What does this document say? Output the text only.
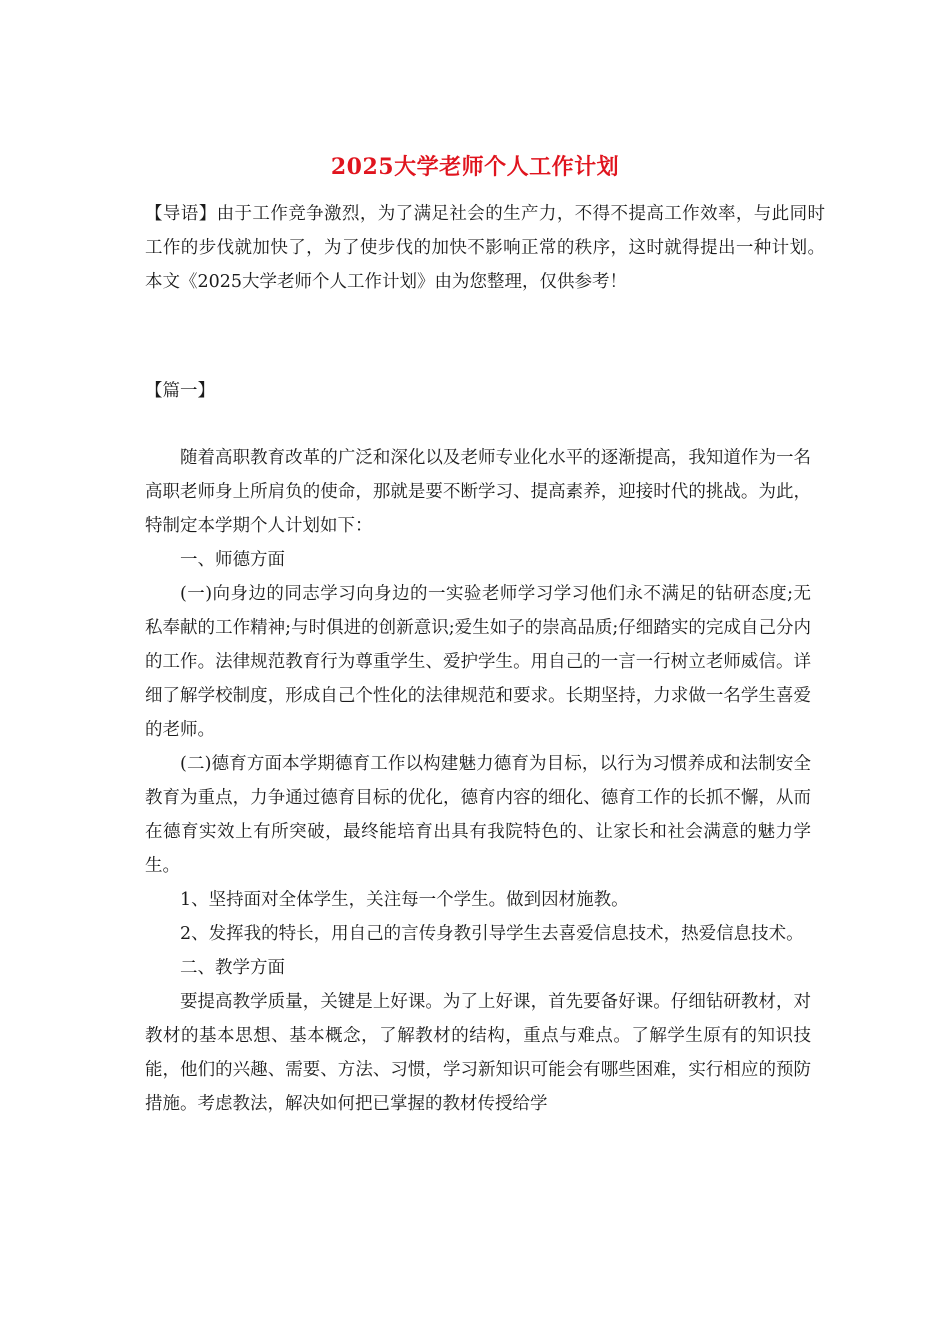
2025大学老师个人工作计划
【导语】由于工作竞争激烈，为了满足社会的生产力，不得不提高工作效率，与此同时工作的步伐就加快了，为了使步伐的加快不影响正常的秩序，这时就得提出一种计划。本文《2025大学老师个人工作计划》由为您整理，仅供参考！
【篇一】

随着高职教育改革的广泛和深化以及老师专业化水平的逐渐提高，我知道作为一名高职老师身上所肩负的使命，那就是要不断学习、提高素养，迎接时代的挑战。为此，特制定本学期个人计划如下：

一、师德方面

(一)向身边的同志学习向身边的一实验老师学习学习他们永不满足的钻研态度;无私奉献的工作精神;与时俱进的创新意识;爱生如子的崇高品质;仔细踏实的完成自己分内的工作。法律规范教育行为尊重学生、爱护学生。用自己的一言一行树立老师威信。详细了解学校制度，形成自己个性化的法律规范和要求。长期坚持，力求做一名学生喜爱的老师。

(二)德育方面本学期德育工作以构建魅力德育为目标，以行为习惯养成和法制安全教育为重点，力争通过德育目标的优化，德育内容的细化、德育工作的长抓不懈，从而在德育实效上有所突破，最终能培育出具有我院特色的、让家长和社会满意的魅力学生。

1、坚持面对全体学生，关注每一个学生。做到因材施教。

2、发挥我的特长，用自己的言传身教引导学生去喜爱信息技术，热爱信息技术。

二、教学方面

要提高教学质量，关键是上好课。为了上好课，首先要备好课。仔细钻研教材，对教材的基本思想、基本概念，了解教材的结构，重点与难点。了解学生原有的知识技能，他们的兴趣、需要、方法、习惯，学习新知识可能会有哪些困难，实行相应的预防措施。考虑教法，解决如何把已掌握的教材传授给学
